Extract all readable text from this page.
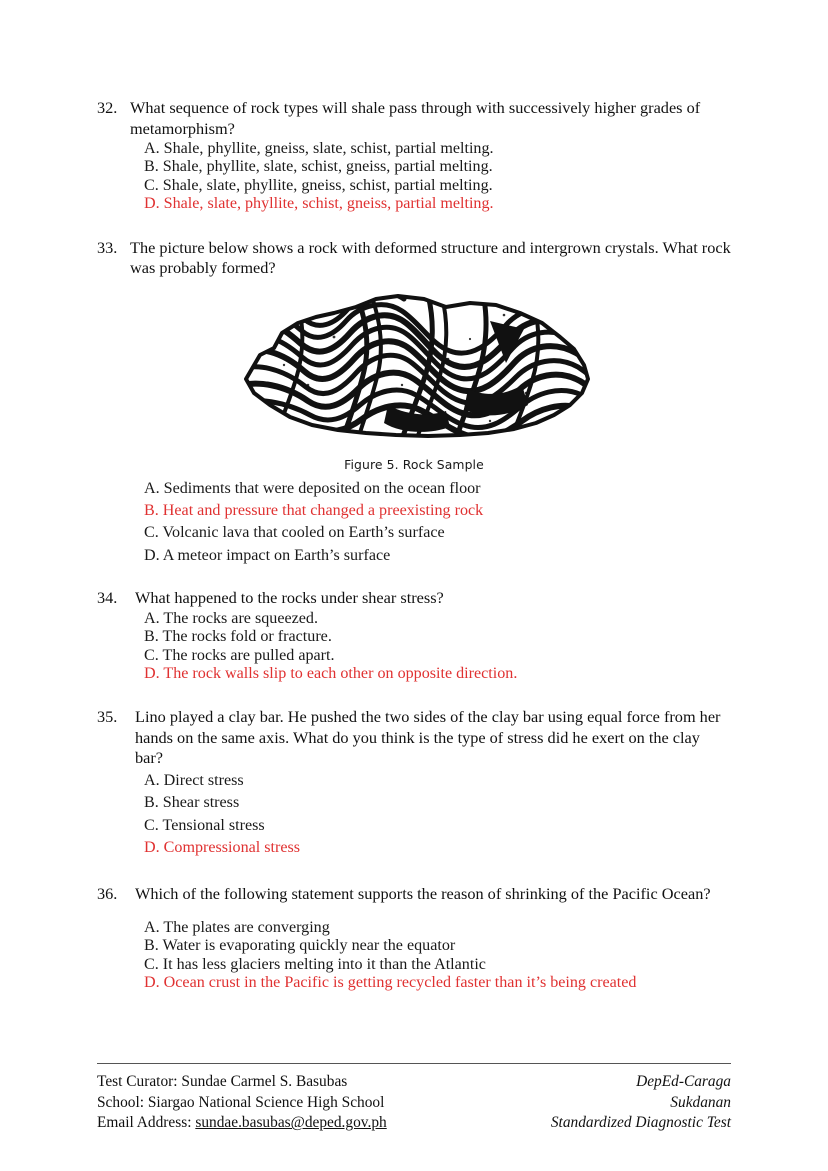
32. What sequence of rock types will shale pass through with successively higher grades of metamorphism?
A. Shale, phyllite, gneiss, slate, schist, partial melting.
B. Shale, phyllite, slate, schist, gneiss, partial melting.
C. Shale, slate, phyllite, gneiss, schist, partial melting.
D. Shale, slate, phyllite, schist, gneiss, partial melting.
33. The picture below shows a rock with deformed structure and intergrown crystals. What rock was probably formed?
Figure 5. Rock Sample
A. Sediments that were deposited on the ocean floor
B. Heat and pressure that changed a preexisting rock
C. Volcanic lava that cooled on Earth’s surface
D. A meteor impact on Earth’s surface
34.	What happened to the rocks under shear stress?
A. The rocks are squeezed.
B. The rocks fold or fracture.
C. The rocks are pulled apart.
D. The rock walls slip to each other on opposite direction.
35.	Lino played a clay bar. He pushed the two sides of the clay bar using equal force from her hands on the same axis. What do you think is the type of stress did he exert on the clay bar?
A. Direct stress
B. Shear stress
C. Tensional stress
D. Compressional stress
36.	Which of the following statement supports the reason of shrinking of the Pacific Ocean?
A. The plates are converging
B. Water is evaporating quickly near the equator
C. It has less glaciers melting into it than the Atlantic
D. Ocean crust in the Pacific is getting recycled faster than it’s being created
Test Curator: Sundae Carmel S. Basubas
School: Siargao National Science High School
Email Address: sundae.basubas@deped.gov.ph
DepEd-Caraga
Sukdanan
Standardized Diagnostic Test
